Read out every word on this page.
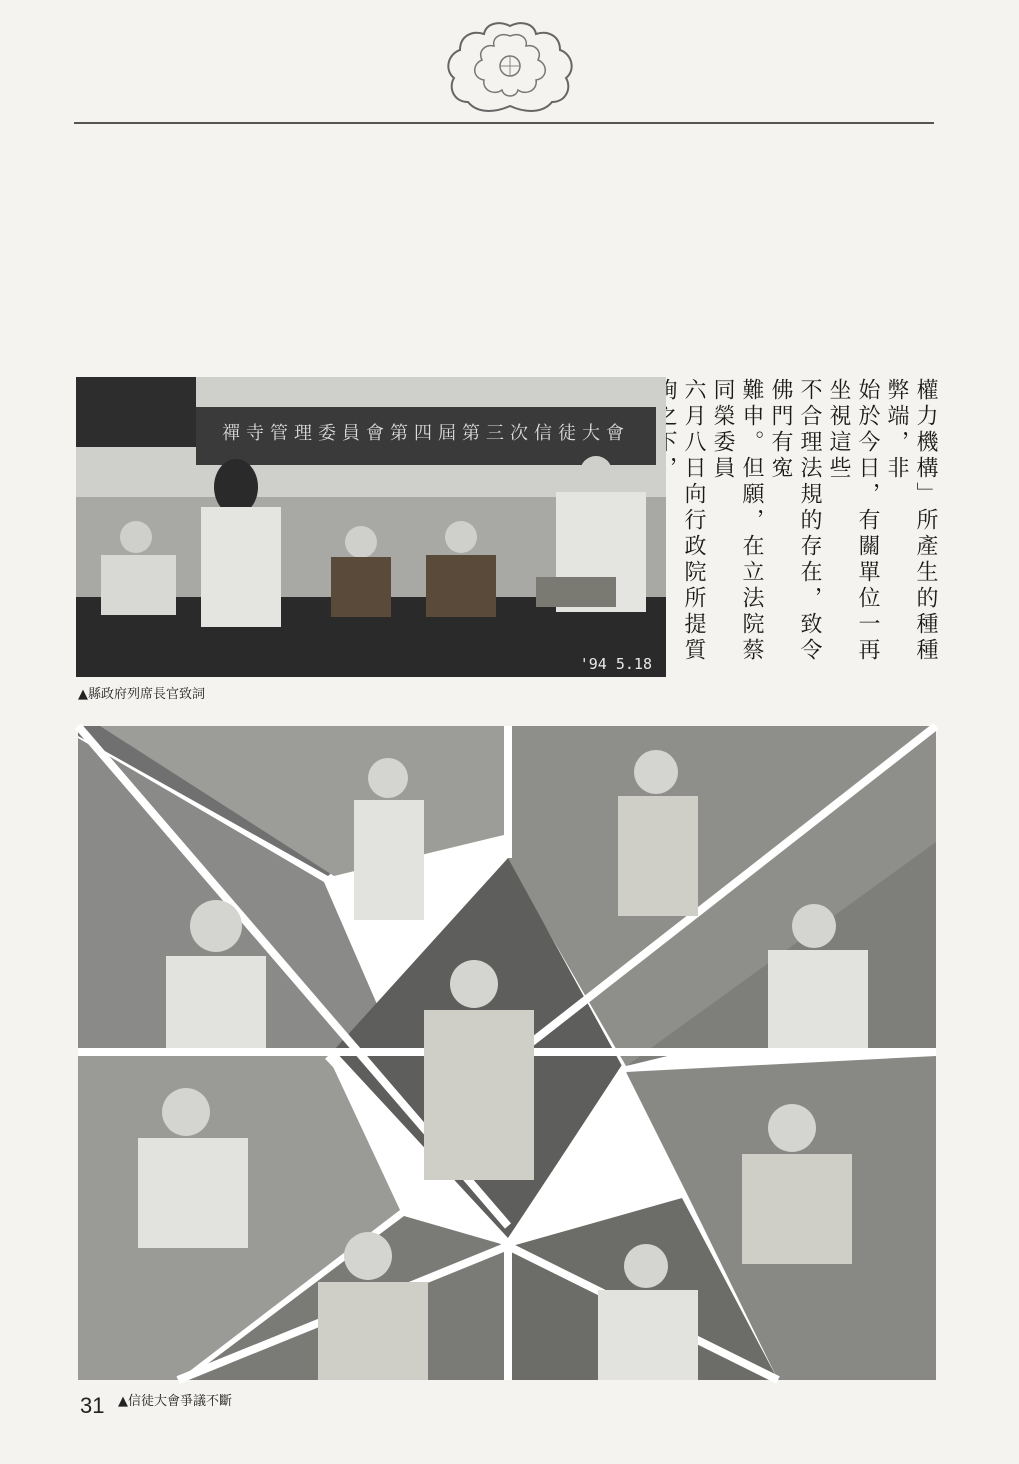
權力機構」所產生的種種弊端，非
始於今日，有關單位一再坐視這些
不合理法規的存在，致令佛門有寃
難申。但願，在立法院蔡同榮委員
六月八日向行政院所提質
禪寺管理委員會第四屆第三次信徒大會
'94 5.18
▲縣政府列席長官致詞
▲信徒大會爭議不斷
31
